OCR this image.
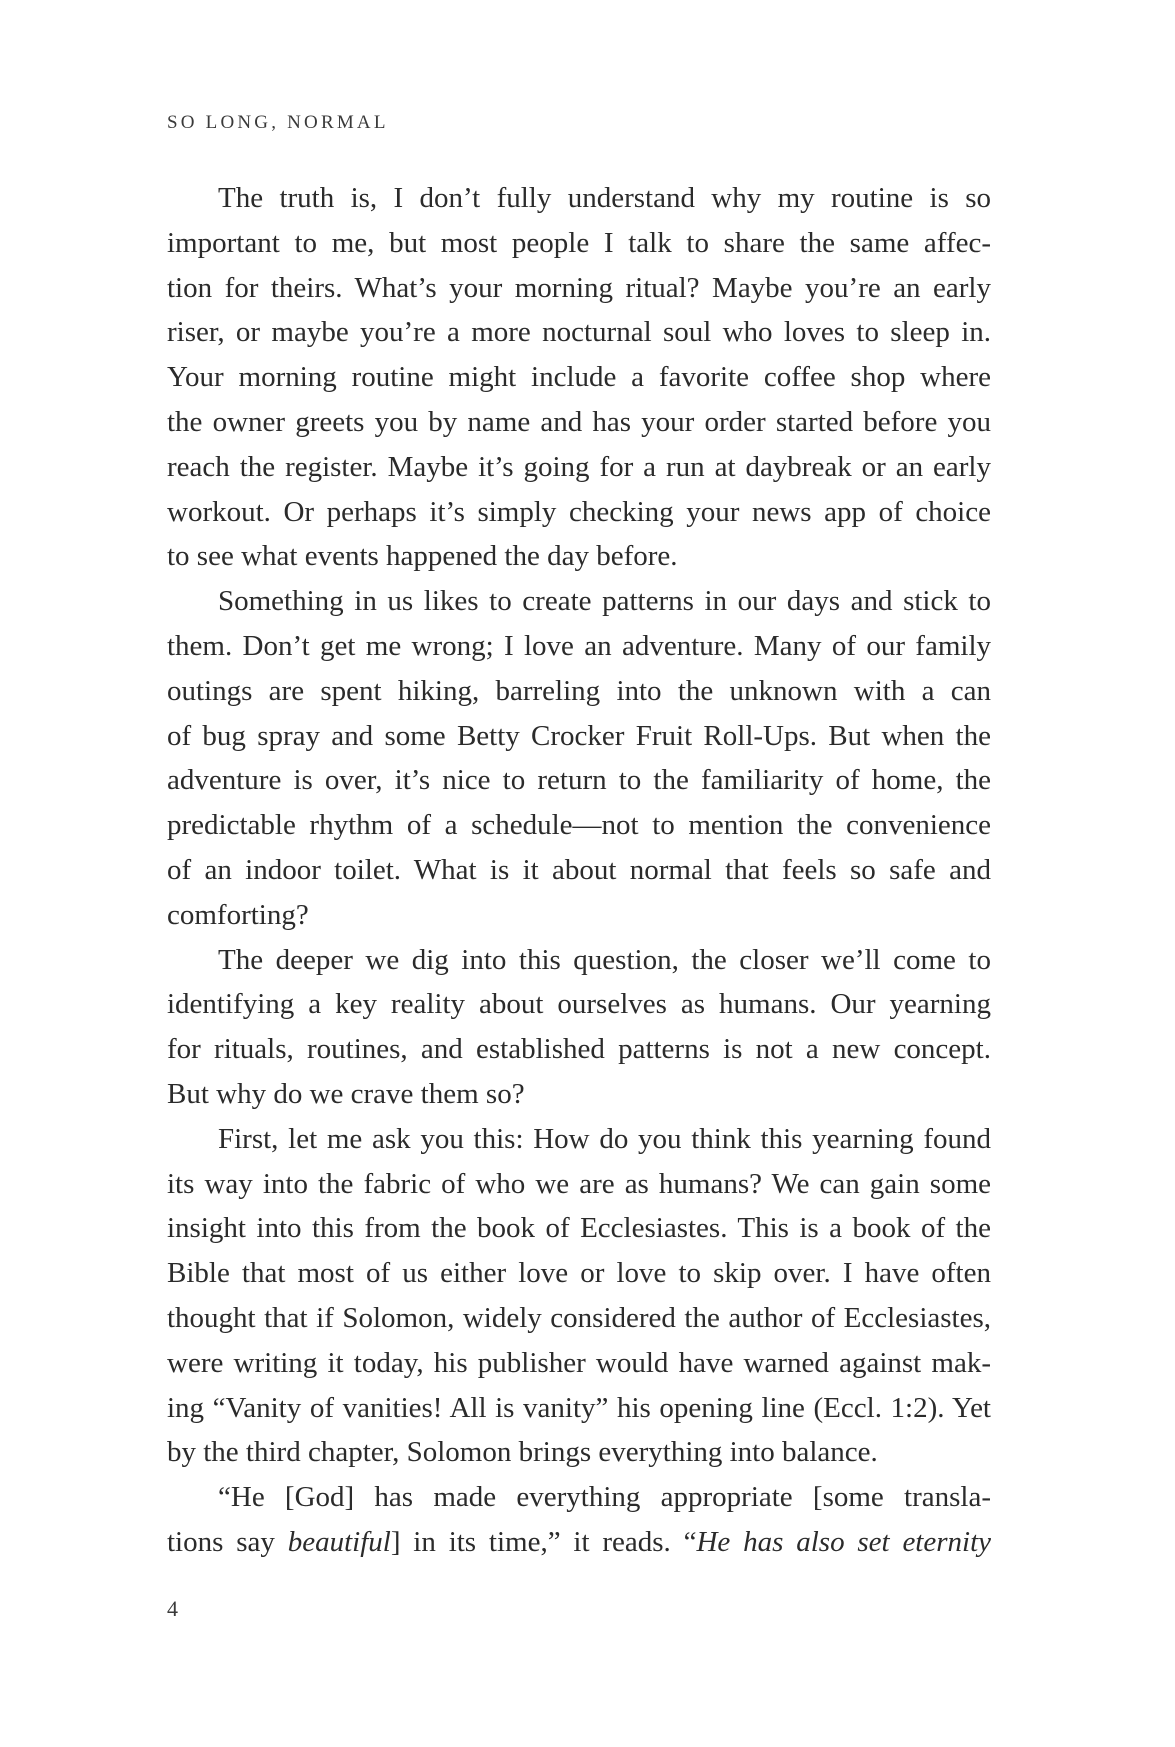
SO LONG, NORMAL
The truth is, I don’t fully understand why my routine is so
important to me, but most people I talk to share the same affec-
tion for theirs. What’s your morning ritual? Maybe you’re an early
riser, or maybe you’re a more nocturnal soul who loves to sleep in.
Your morning routine might include a favorite coffee shop where
the owner greets you by name and has your order started before you
reach the register. Maybe it’s going for a run at daybreak or an early
workout. Or perhaps it’s simply checking your news app of choice
to see what events happened the day before.
Something in us likes to create patterns in our days and stick to
them. Don’t get me wrong; I love an adventure. Many of our family
outings are spent hiking, barreling into the unknown with a can
of bug spray and some Betty Crocker Fruit Roll-Ups. But when the
adventure is over, it’s nice to return to the familiarity of home, the
predictable rhythm of a schedule—not to mention the convenience
of an indoor toilet. What is it about normal that feels so safe and
comforting?
The deeper we dig into this question, the closer we’ll come to
identifying a key reality about ourselves as humans. Our yearning
for rituals, routines, and established patterns is not a new concept.
But why do we crave them so?
First, let me ask you this: How do you think this yearning found
its way into the fabric of who we are as humans? We can gain some
insight into this from the book of Ecclesiastes. This is a book of the
Bible that most of us either love or love to skip over. I have often
thought that if Solomon, widely considered the author of Ecclesiastes,
were writing it today, his publisher would have warned against mak-
ing “Vanity of vanities! All is vanity” his opening line (Eccl. 1:2). Yet
by the third chapter, Solomon brings everything into balance.
“He [God] has made everything appropriate [some transla-
tions say beautiful] in its time,” it reads. “He has also set eternity
4
